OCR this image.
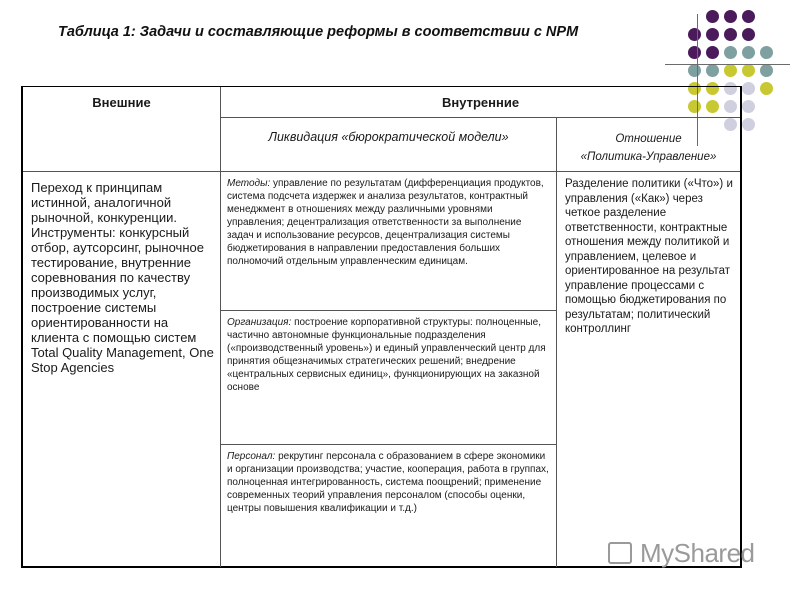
Таблица 1: Задачи и составляющие реформы в соответствии с NPM
Внешние	Внутренние
Ликвидация «бюрократической модели»	Отношение
«Политика-Управление»
Переход к принципам истинной, аналогичной рыночной, конкуренции. Инструменты: конкурсный отбор, аутсорсинг, рыночное тестирование, внутренние соревнования по качеству производимых услуг, построение системы ориентированности на клиента с помощью систем Total Quality Management, One Stop Agencies
Методы: управление по результатам (дифференциация продуктов, система подсчета издержек и анализа результатов, контрактный менеджмент в отношениях между различными уровнями управления; децентрализация ответственности за выполнение задач и использование ресурсов, децентрализация системы бюджетирования в направлении предоставления больших полномочий отдельным управленческим единицам.
Организация: построение корпоративной структуры: полноценные, частично автономные функциональные подразделения («производственный уровень») и единый управленческий центр для принятия общезначимых стратегических решений; внедрение «центральных сервисных единиц», функционирующих на заказной основе
Персонал: рекрутинг персонала с образованием в сфере экономики и организации производства; участие, кооперация, работа в группах, полноценная интегрированность, система поощрений; применение современных теорий управления персоналом (способы оценки, центры повышения квалификации и т.д.)
Разделение политики («Что») и управления («Как») через четкое разделение ответственности, контрактные отношения между политикой и управлением, целевое и ориентированное на результат управление процессами с помощью бюджетирования по результатам; политический контроллинг
MyShared
